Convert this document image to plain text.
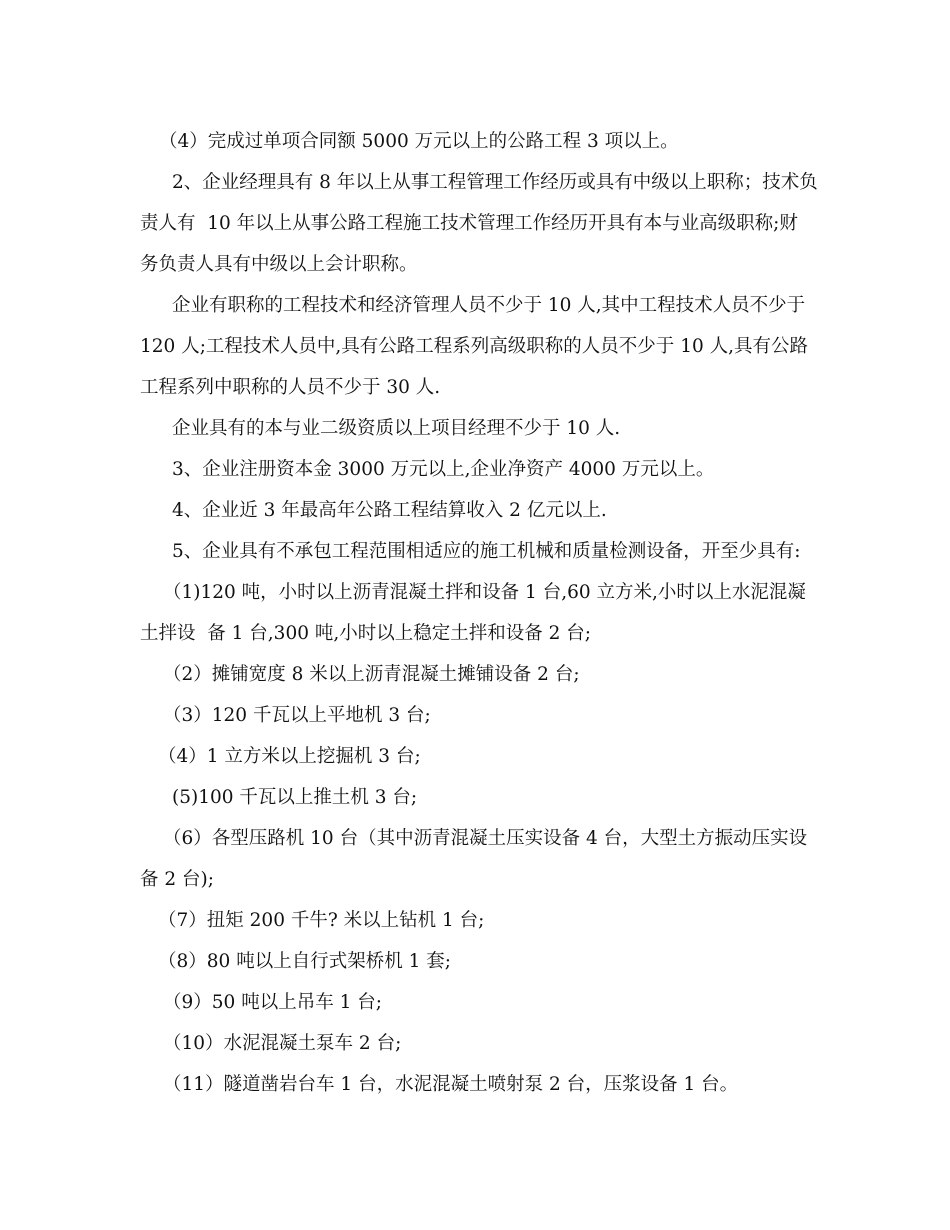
（4）完成过单项合同额 5000 万元以上的公路工程 3 项以上。
2、企业经理具有 8 年以上从事工程管理工作经历或具有中级以上职称；技术负
责人有  10 年以上从事公路工程施工技术管理工作经历开具有本与业高级职称;财
务负责人具有中级以上会计职称。
企业有职称的工程技术和经济管理人员不少于 10 人,其中工程技术人员不少于
120 人;工程技术人员中,具有公路工程系列高级职称的人员不少于 10 人,具有公路
工程系列中职称的人员不少于 30 人.
企业具有的本与业二级资质以上项目经理不少于 10 人.
3、企业注册资本金 3000 万元以上,企业净资产 4000 万元以上。
4、企业近 3 年最高年公路工程结算收入 2 亿元以上.
5、企业具有不承包工程范围相适应的施工机械和质量检测设备，开至少具有:
（1)120 吨，小时以上沥青混凝土拌和设备 1 台,60 立方米,小时以上水泥混凝
土拌设  备 1 台,300 吨,小时以上稳定土拌和设备 2 台;
（2）摊铺宽度 8 米以上沥青混凝土摊铺设备 2 台;
（3）120 千瓦以上平地机 3 台;
（4）1 立方米以上挖掘机 3 台;
(5)100 千瓦以上推土机 3 台;
（6）各型压路机 10 台（其中沥青混凝土压实设备 4 台，大型土方振动压实设
备 2 台);
（7）扭矩 200 千牛? 米以上钻机 1 台;
（8）80 吨以上自行式架桥机 1 套;
（9）50 吨以上吊车 1 台;
（10）水泥混凝土泵车 2 台;
（11）隧道凿岩台车 1 台，水泥混凝土喷射泵 2 台，压浆设备 1 台。
